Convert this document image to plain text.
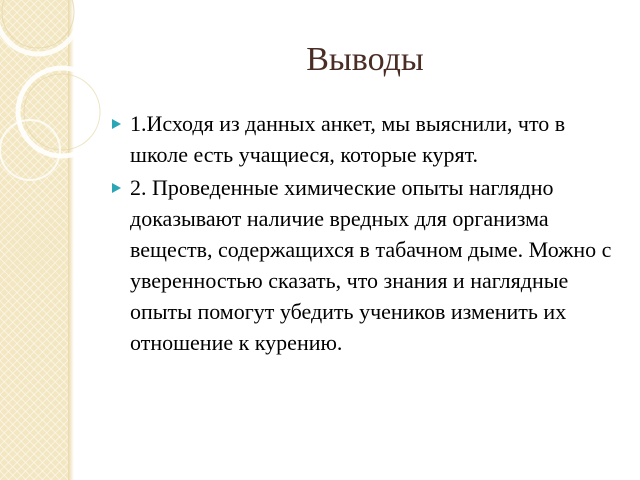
Выводы
1.Исходя из данных анкет, мы выяснили, что в школе есть учащиеся, которые курят.
2. Проведенные химические опыты наглядно доказывают наличие вредных для организма веществ, содержащихся в табачном дыме. Можно с уверенностью сказать, что знания и наглядные опыты помогут убедить учеников изменить их отношение к курению.
